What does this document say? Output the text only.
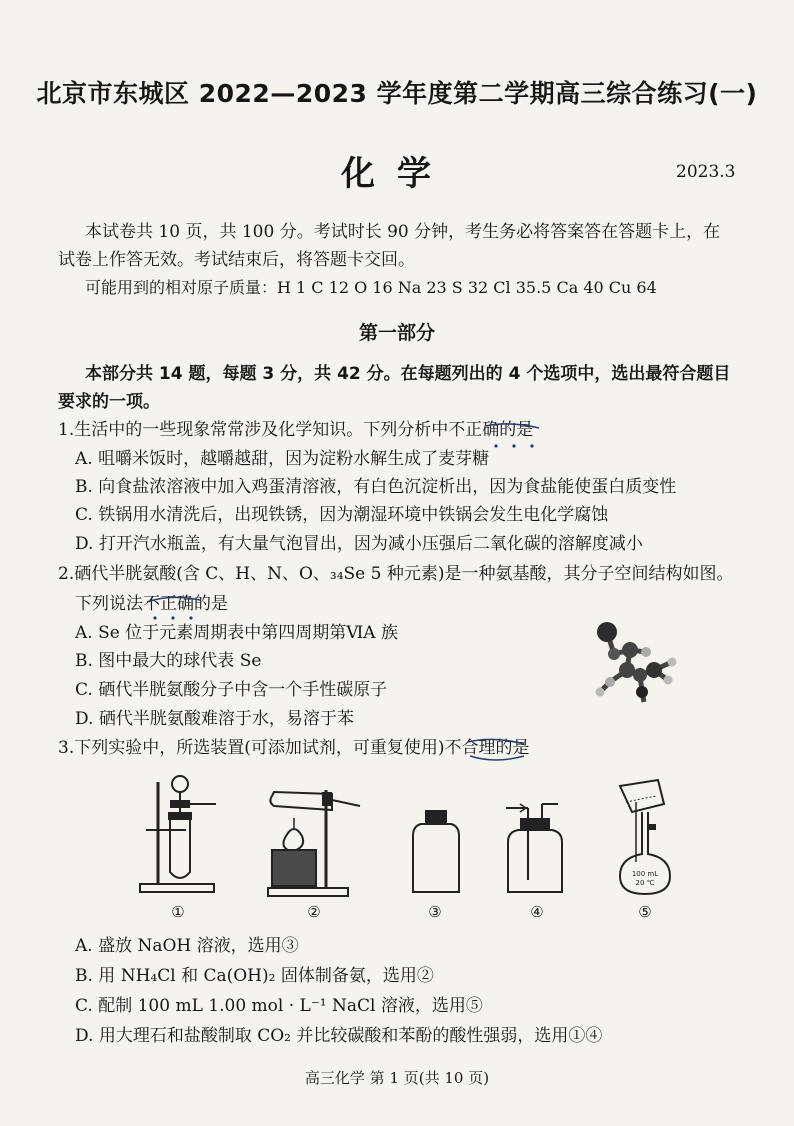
北京市东城区 2022—2023 学年度第二学期高三综合练习(一)
化学	2023.3
本试卷共 10 页，共 100 分。考试时长 90 分钟，考生务必将答案答在答题卡上，在
试卷上作答无效。考试结束后，将答题卡交回。
可能用到的相对原子质量：H 1 C 12 O 16 Na 23 S 32 Cl 35.5 Ca 40 Cu 64
第一部分
本部分共 14 题，每题 3 分，共 42 分。在每题列出的 4 个选项中，选出最符合题目
要求的一项。
1.生活中的一些现象常常涉及化学知识。下列分析中不正确的是
A. 咀嚼米饭时，越嚼越甜，因为淀粉水解生成了麦芽糖
B. 向食盐浓溶液中加入鸡蛋清溶液，有白色沉淀析出，因为食盐能使蛋白质变性
C. 铁锅用水清洗后，出现铁锈，因为潮湿环境中铁锅会发生电化学腐蚀
D. 打开汽水瓶盖，有大量气泡冒出，因为减小压强后二氧化碳的溶解度减小
2.硒代半胱氨酸(含 C、H、N、O、₃₄Se 5 种元素)是一种氨基酸，其分子空间结构如图。
下列说法不正确的是
A. Se 位于元素周期表中第四周期第ⅥA 族
B. 图中最大的球代表 Se
C. 硒代半胱氨酸分子中含一个手性碳原子
D. 硒代半胱氨酸难溶于水，易溶于苯
3.下列实验中，所选装置(可添加试剂，可重复使用)不合理的是
100 mL
20 ℃
①	②	③	④	⑤
A. 盛放 NaOH 溶液，选用③
B. 用 NH₄Cl 和 Ca(OH)₂ 固体制备氨，选用②
C. 配制 100 mL 1.00 mol · L⁻¹ NaCl 溶液，选用⑤
D. 用大理石和盐酸制取 CO₂ 并比较碳酸和苯酚的酸性强弱，选用①④
高三化学 第 1 页(共 10 页)
